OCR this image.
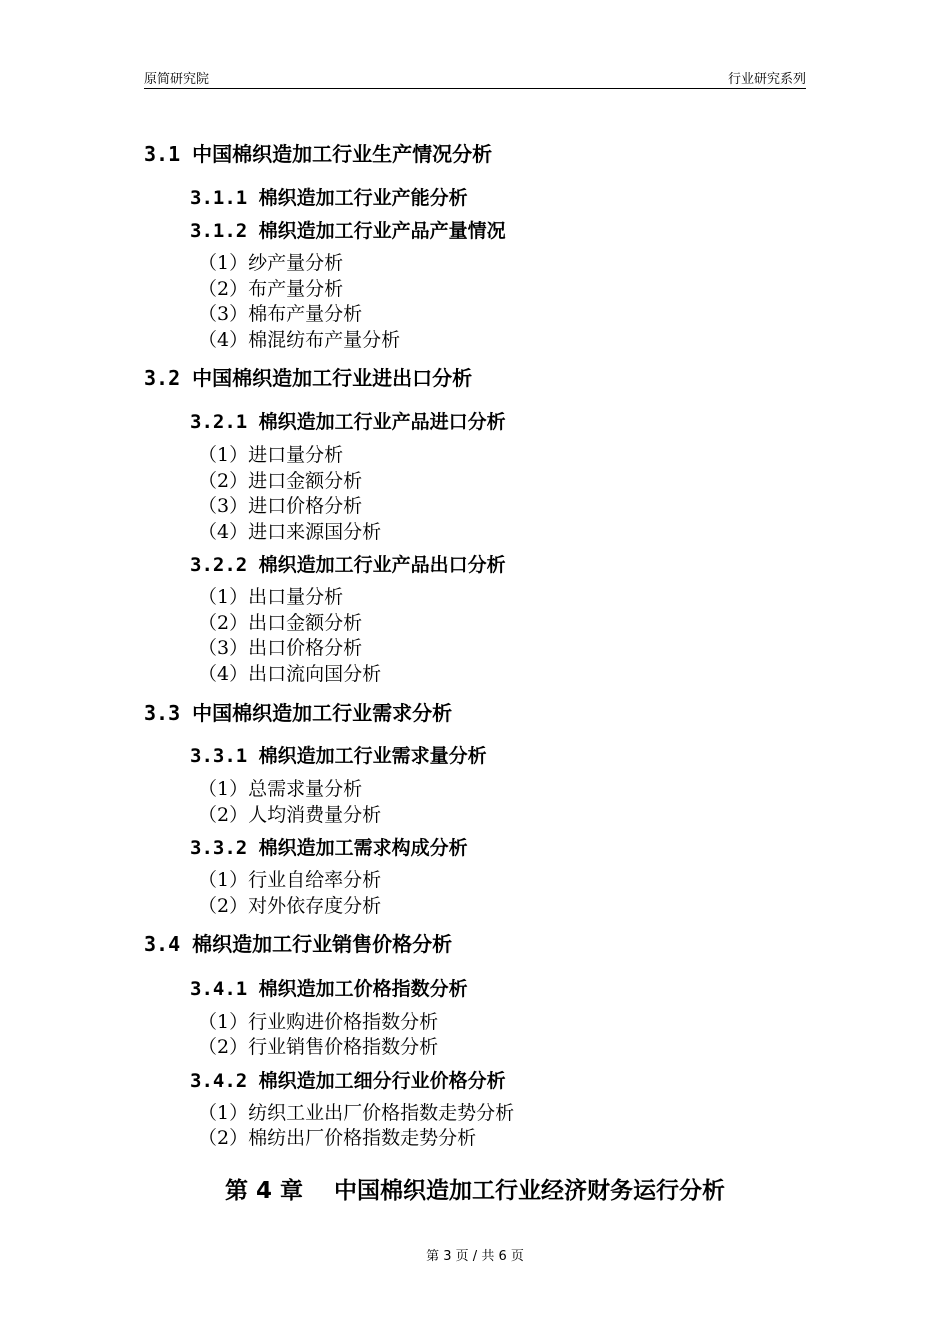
原简研究院	行业研究系列
3.1 中国棉织造加工行业生产情况分析
3.1.1 棉织造加工行业产能分析
3.1.2 棉织造加工行业产品产量情况
（1）纱产量分析
（2）布产量分析
（3）棉布产量分析
（4）棉混纺布产量分析
3.2 中国棉织造加工行业进出口分析
3.2.1 棉织造加工行业产品进口分析
（1）进口量分析
（2）进口金额分析
（3）进口价格分析
（4）进口来源国分析
3.2.2 棉织造加工行业产品出口分析
（1）出口量分析
（2）出口金额分析
（3）出口价格分析
（4）出口流向国分析
3.3 中国棉织造加工行业需求分析
3.3.1 棉织造加工行业需求量分析
（1）总需求量分析
（2）人均消费量分析
3.3.2 棉织造加工需求构成分析
（1）行业自给率分析
（2）对外依存度分析
3.4 棉织造加工行业销售价格分析
3.4.1 棉织造加工价格指数分析
（1）行业购进价格指数分析
（2）行业销售价格指数分析
3.4.2 棉织造加工细分行业价格分析
（1）纺织工业出厂价格指数走势分析
（2）棉纺出厂价格指数走势分析
第 4 章　 中国棉织造加工行业经济财务运行分析
第 3 页 / 共 6 页
